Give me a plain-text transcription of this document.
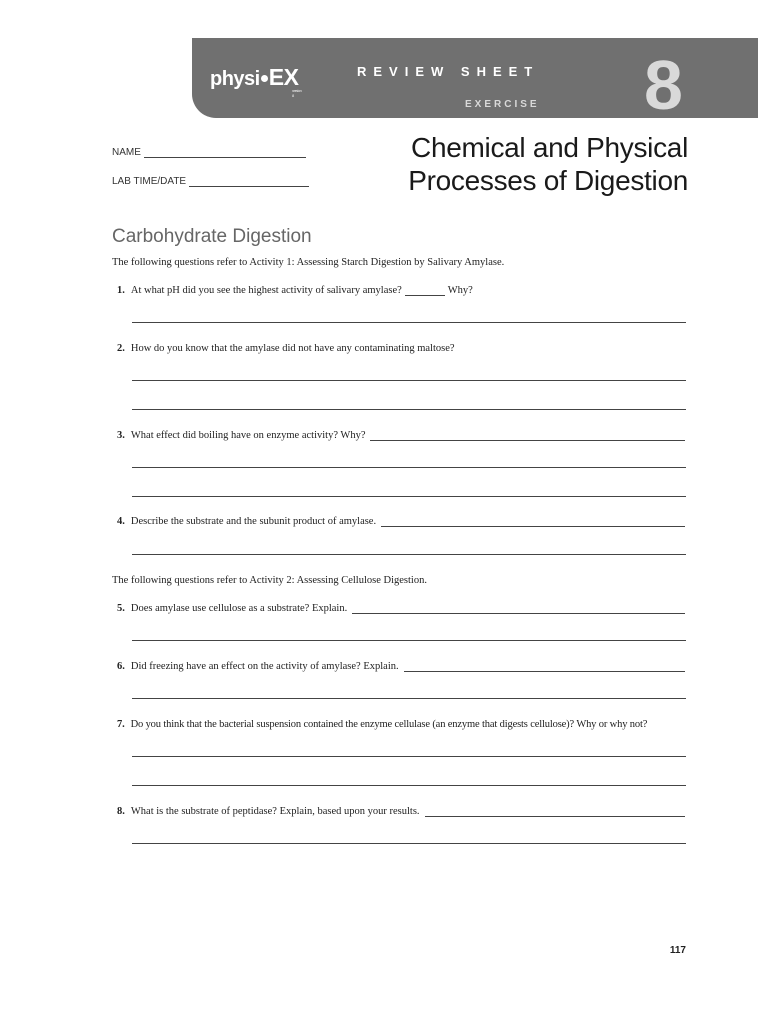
physi EX
version 8
REVIEW SHEET
EXERCISE 8
NAME
LAB TIME/DATE
Chemical and Physical
Processes of Digestion
Carbohydrate Digestion
The following questions refer to Activity 1: Assessing Starch Digestion by Salivary Amylase.
1. At what pH did you see the highest activity of salivary amylase?	Why?
2. How do you know that the amylase did not have any contaminating maltose?
3. What effect did boiling have on enzyme activity? Why?
4. Describe the substrate and the subunit product of amylase.
The following questions refer to Activity 2: Assessing Cellulose Digestion.
5. Does amylase use cellulose as a substrate? Explain.
6. Did freezing have an effect on the activity of amylase? Explain.
7. Do you think that the bacterial suspension contained the enzyme cellulase (an enzyme that digests cellulose)? Why or why not?
8. What is the substrate of peptidase? Explain, based upon your results.
117
